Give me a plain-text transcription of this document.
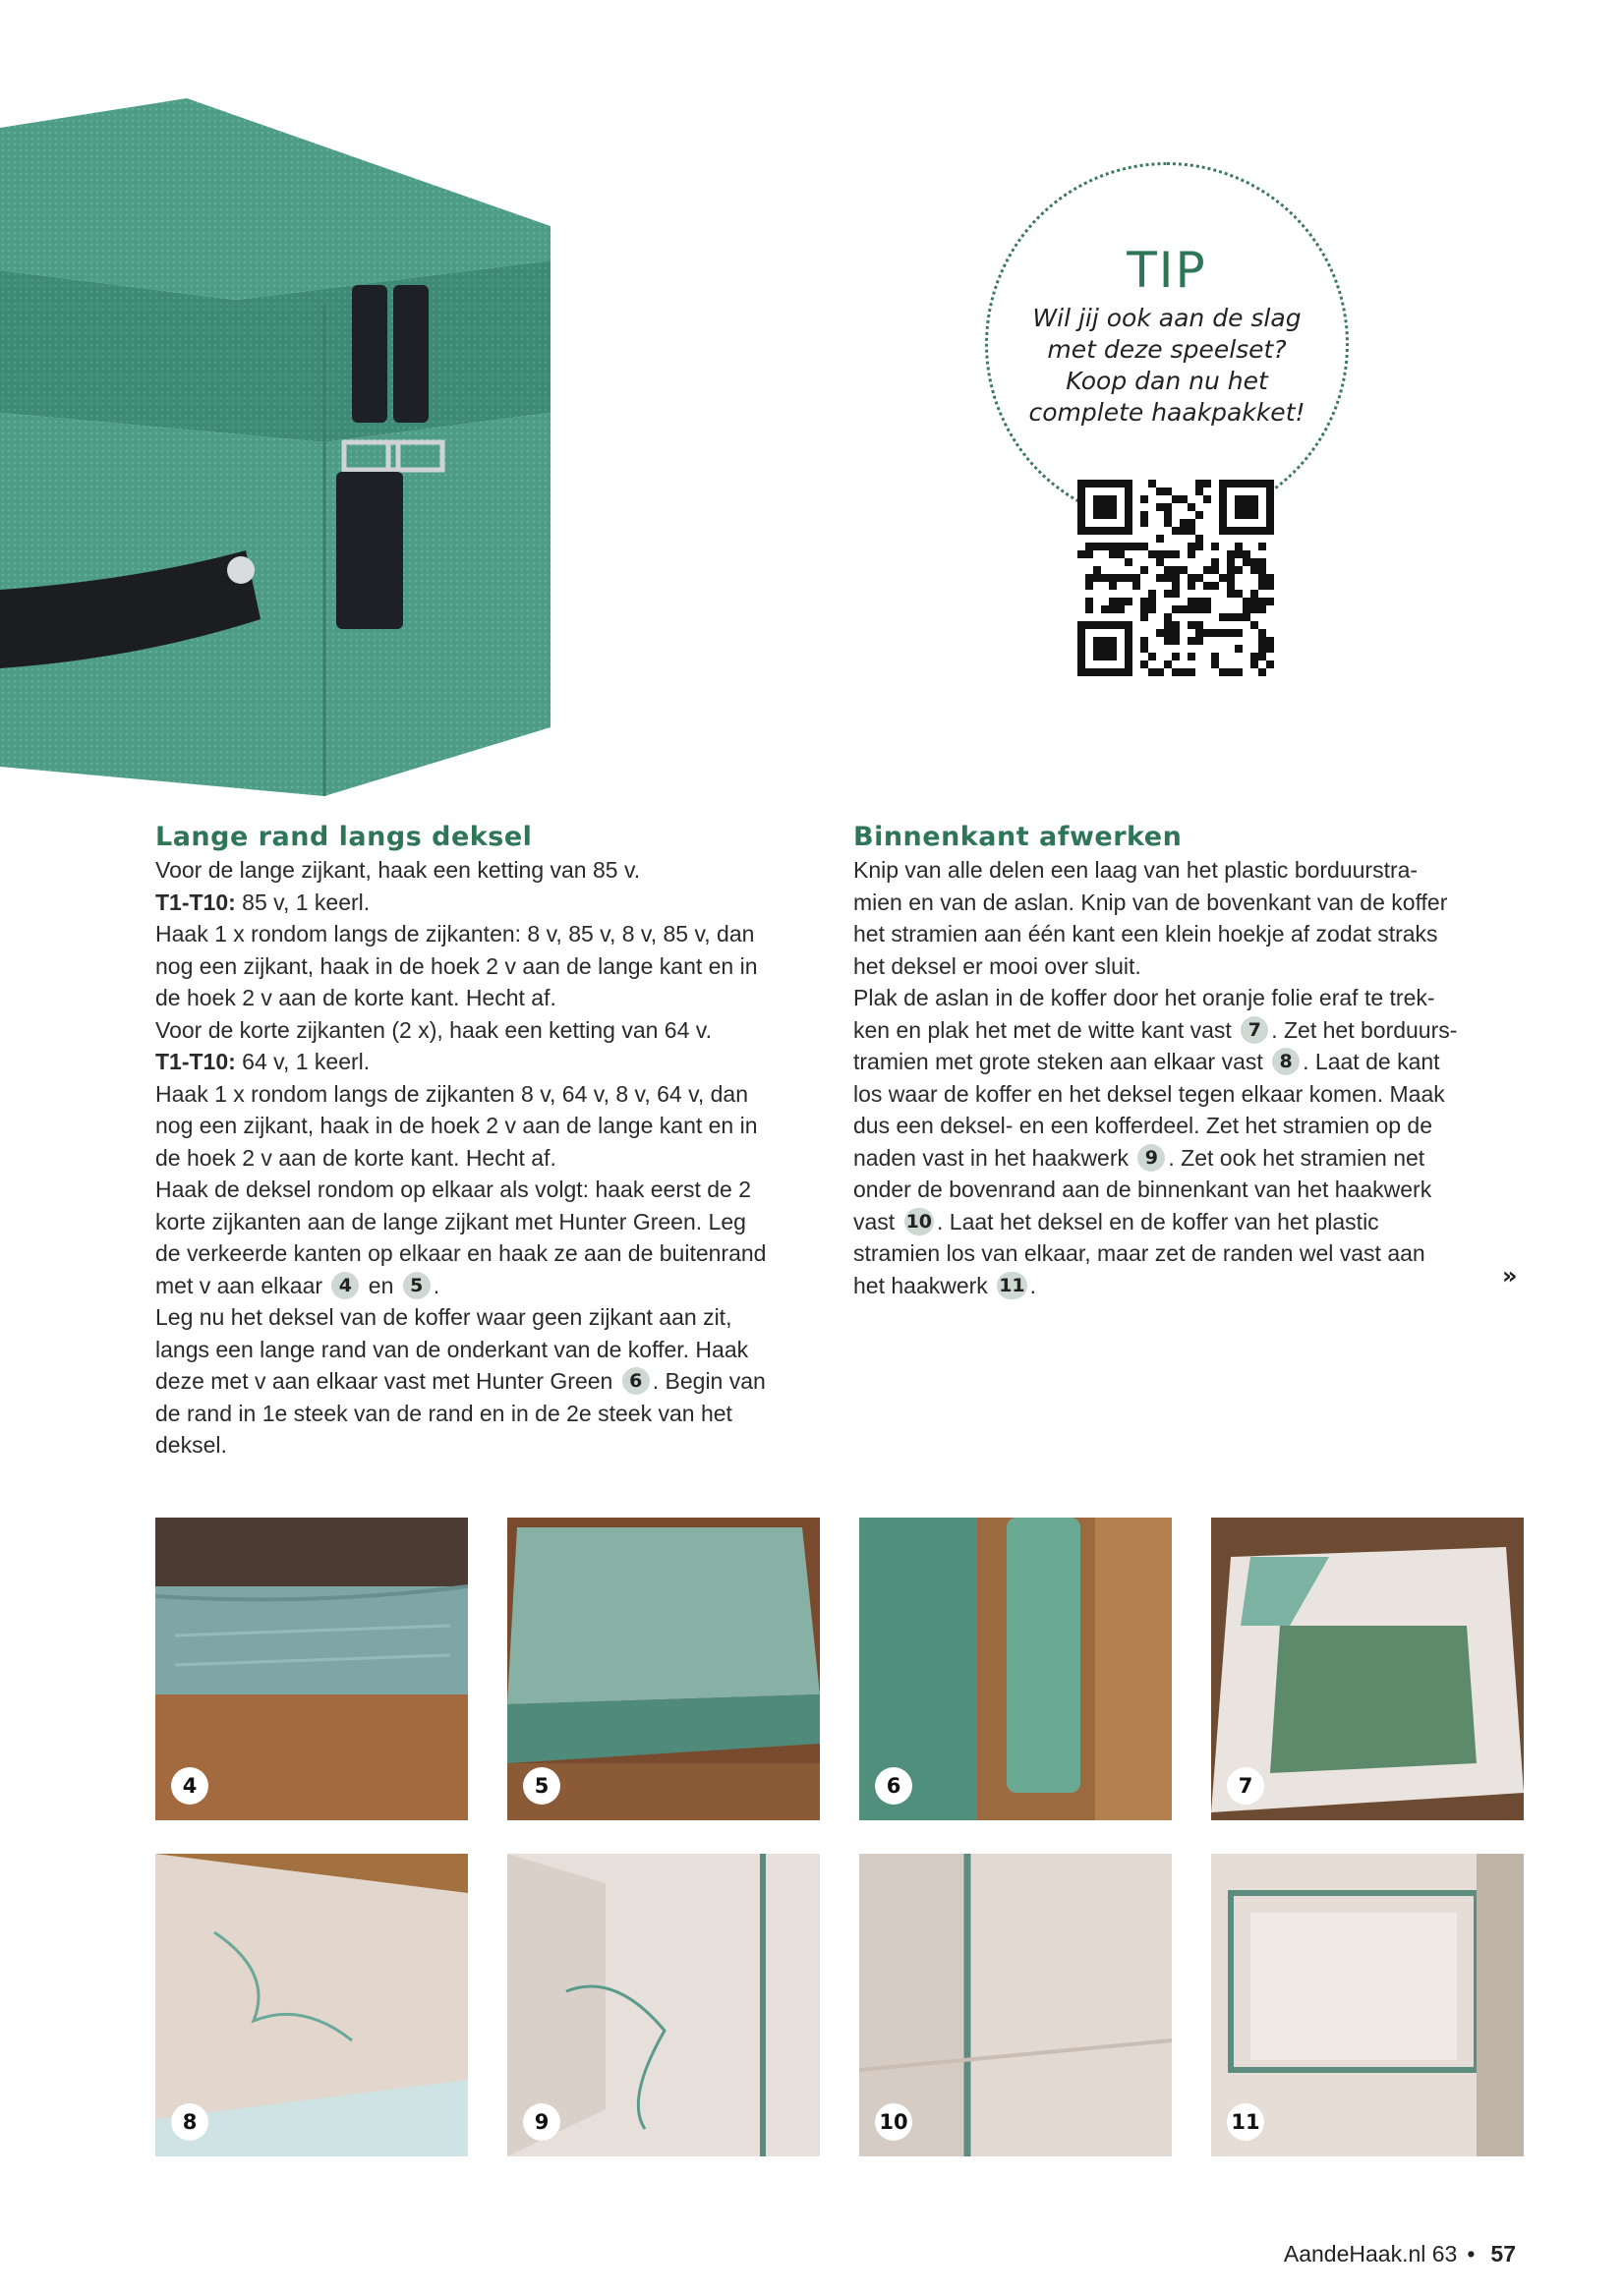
TIP
Wil jij ook aan de slag
met deze speelset?
Koop dan nu het
complete haakpakket!
Lange rand langs deksel

Voor de lange zijkant, haak een ketting van 85 v.
T1-T10: 85 v, 1 keerl.
Haak 1 x rondom langs de zijkanten: 8 v, 85 v, 8 v, 85 v, dan
nog een zijkant, haak in de hoek 2 v aan de lange kant en in
de hoek 2 v aan de korte kant. Hecht af.
Voor de korte zijkanten (2 x), haak een ketting van 64 v.
T1-T10: 64 v, 1 keerl.
Haak 1 x rondom langs de zijkanten 8 v, 64 v, 8 v, 64 v, dan
nog een zijkant, haak in de hoek 2 v aan de lange kant en in
de hoek 2 v aan de korte kant. Hecht af.
Haak de deksel rondom op elkaar als volgt: haak eerst de 2
korte zijkanten aan de lange zijkant met Hunter Green. Leg
de verkeerde kanten op elkaar en haak ze aan de buitenrand
met v aan elkaar 4 en 5 .
Leg nu het deksel van de koffer waar geen zijkant aan zit,
langs een lange rand van de onderkant van de koffer. Haak
deze met v aan elkaar vast met Hunter Green 6 . Begin van
de rand in 1e steek van de rand en in de 2e steek van het
deksel.

Binnenkant afwerken

Knip van alle delen een laag van het plastic borduurstra-
mien en van de aslan. Knip van de bovenkant van de koffer
het stramien aan één kant een klein hoekje af zodat straks
het deksel er mooi over sluit.
Plak de aslan in de koffer door het oranje folie eraf te trek-
ken en plak het met de witte kant vast 7 . Zet het borduurs-
tramien met grote steken aan elkaar vast 8 . Laat de kant
los waar de koffer en het deksel tegen elkaar komen. Maak
dus een deksel- en een kofferdeel. Zet het stramien op de
naden vast in het haakwerk 9 . Zet ook het stramien net
onder de bovenrand aan de binnenkant van het haakwerk
vast 10 . Laat het deksel en de koffer van het plastic
stramien los van elkaar, maar zet de randen wel vast aan
het haakwerk 11 .	»
4	5	6	7
8	9	10	11
AandeHaak.nl 63 • 57
